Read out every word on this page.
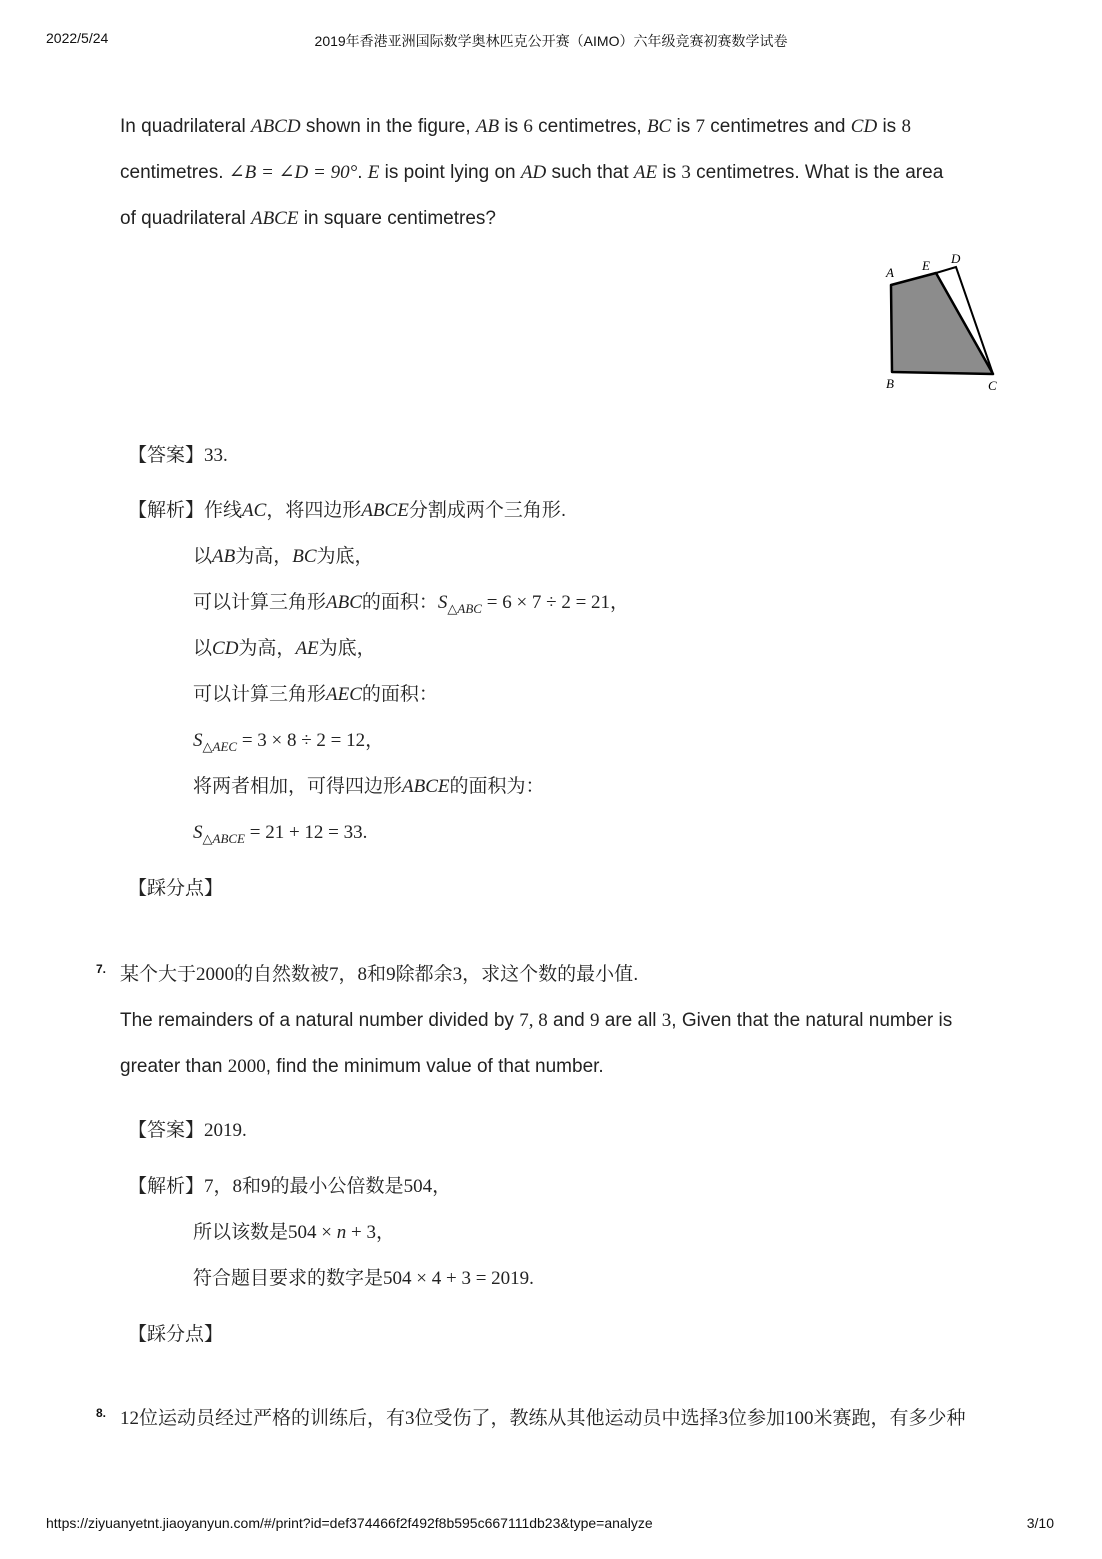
2022/5/24	2019年香港亚洲国际数学奥林匹克公开赛（AIMO）六年级竞赛初赛数学试卷
In quadrilateral ABCD shown in the figure, AB is 6 centimetres, BC is 7 centimetres and CD is 8
centimetres. ∠B = ∠D = 90°. E is point lying on AD such that AE is 3 centimetres. What is the area
of quadrilateral ABCE in square centimetres?
A E D
B	C
【答案】33.
【解析】作线AC，将四边形ABCE分割成两个三角形.
以AB为高，BC为底，
可以计算三角形ABC的面积：$S_{\triangle ABC} = 6 \times 7 \div 2 = 21$，
以CD为高，AE为底，
可以计算三角形AEC的面积：
$S_{\triangle AEC} = 3 \times 8 \div 2 = 12$，
将两者相加，可得四边形ABCE的面积为：
$S_{\triangle ABCE} = 21 + 12 = 33$.
【踩分点】
7. 某个大于2000的自然数被7，8和9除都余3，求这个数的最小值.
The remainders of a natural number divided by 7, 8 and 9 are all 3, Given that the natural number is
greater than 2000, find the minimum value of that number.
【答案】2019.
【解析】7，8和9的最小公倍数是504，
所以该数是504 × n + 3，
符合题目要求的数字是504 × 4 + 3 = 2019.
【踩分点】
8. 12位运动员经过严格的训练后，有3位受伤了，教练从其他运动员中选择3位参加100米赛跑，有多少种
https://ziyuanyetnt.jiaoyanyun.com/#/print?id=def374466f2f492f8b595c667111db23&type=analyze	3/10
